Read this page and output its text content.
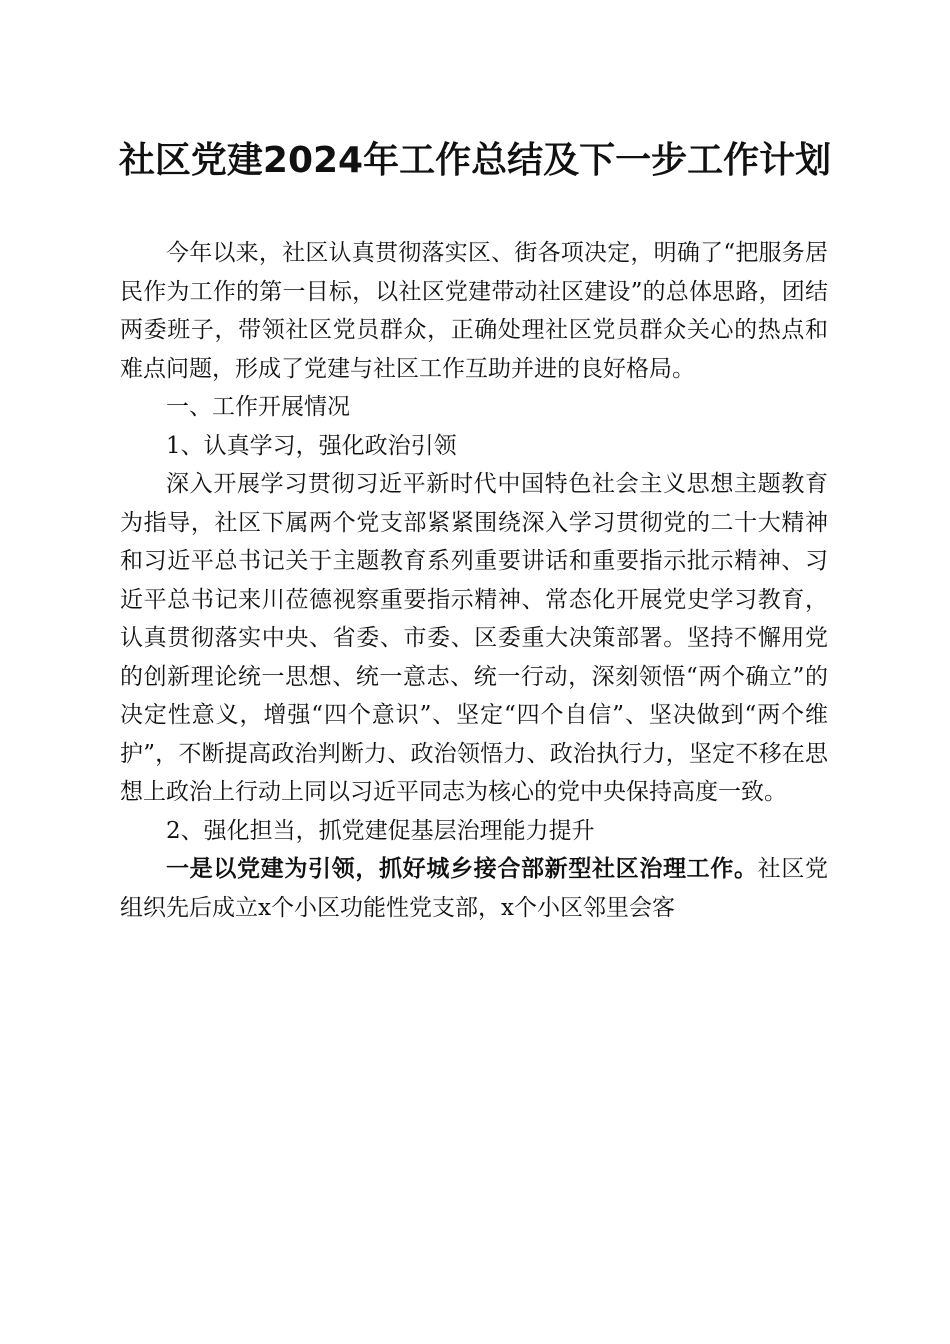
社区党建2024年工作总结及下一步工作计划

今年以来，社区认真贯彻落实区、街各项决定，明确了“把服务居民作为工作的第一目标，以社区党建带动社区建设”的总体思路，团结两委班子，带领社区党员群众，正确处理社区党员群众关心的热点和难点问题，形成了党建与社区工作互助并进的良好格局。

一、工作开展情况

1、认真学习，强化政治引领

深入开展学习贯彻习近平新时代中国特色社会主义思想主题教育为指导，社区下属两个党支部紧紧围绕深入学习贯彻党的二十大精神和习近平总书记关于主题教育系列重要讲话和重要指示批示精神、习近平总书记来川莅德视察重要指示精神、常态化开展党史学习教育，认真贯彻落实中央、省委、市委、区委重大决策部署。坚持不懈用党的创新理论统一思想、统一意志、统一行动，深刻领悟“两个确立”的决定性意义，增强“四个意识”、坚定“四个自信”、坚决做到“两个维护”，不断提高政治判断力、政治领悟力、政治执行力，坚定不移在思想上政治上行动上同以习近平同志为核心的党中央保持高度一致。

2、强化担当，抓党建促基层治理能力提升

一是以党建为引领，抓好城乡接合部新型社区治理工作。社区党组织先后成立x个小区功能性党支部，x个小区邻里会客
